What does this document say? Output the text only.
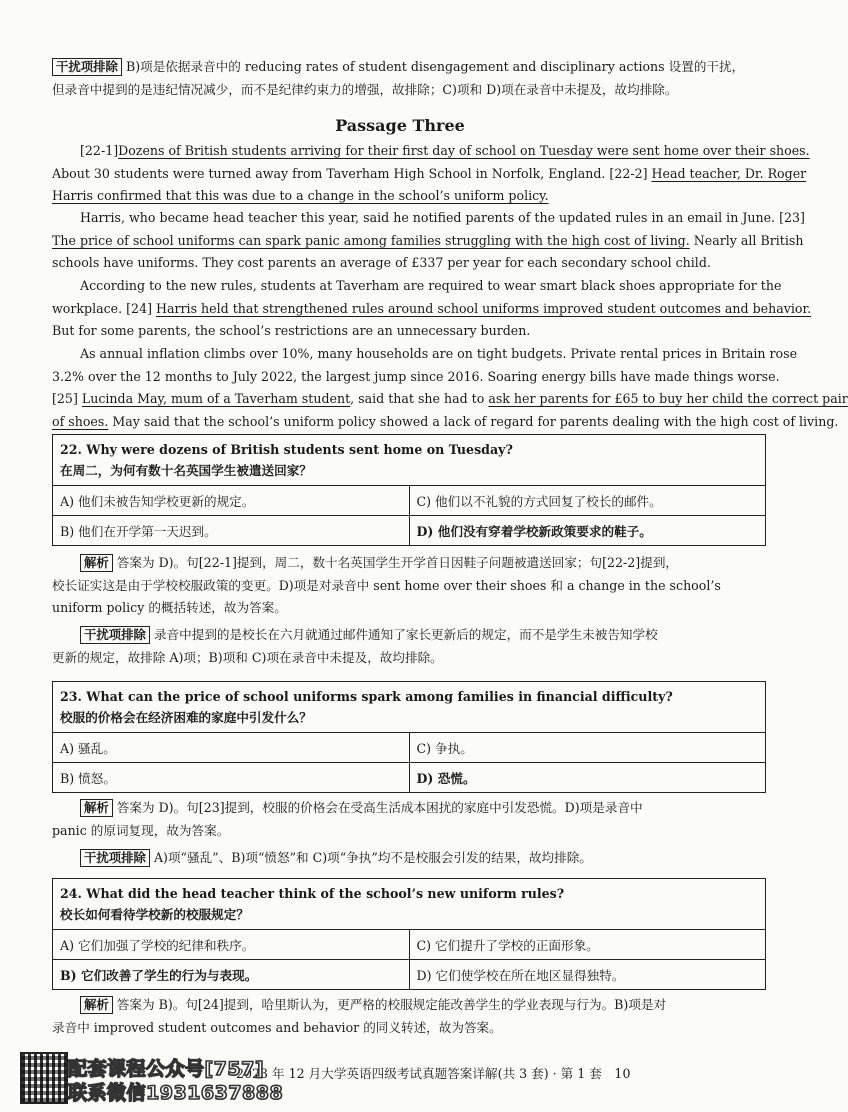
干扰项排除 B)项是依据录音中的 reducing rates of student disengagement and disciplinary actions 设置的干扰，
但录音中提到的是违纪情况减少，而不是纪律约束力的增强，故排除；C)项和 D)项在录音中未提及，故均排除。
Passage Three
[22-1]Dozens of British students arriving for their first day of school on Tuesday were sent home over their shoes.
About 30 students were turned away from Taverham High School in Norfolk, England. [22-2] Head teacher, Dr. Roger
Harris confirmed that this was due to a change in the school’s uniform policy.
Harris, who became head teacher this year, said he notified parents of the updated rules in an email in June. [23]
The price of school uniforms can spark panic among families struggling with the high cost of living. Nearly all British
schools have uniforms. They cost parents an average of £337 per year for each secondary school child.
According to the new rules, students at Taverham are required to wear smart black shoes appropriate for the
workplace. [24] Harris held that strengthened rules around school uniforms improved student outcomes and behavior.
But for some parents, the school’s restrictions are an unnecessary burden.
As annual inflation climbs over 10%, many households are on tight budgets. Private rental prices in Britain rose
3.2% over the 12 months to July 2022, the largest jump since 2016. Soaring energy bills have made things worse.
[25] Lucinda May, mum of a Taverham student, said that she had to ask her parents for £65 to buy her child the correct pair
of shoes. May said that the school’s uniform policy showed a lack of regard for parents dealing with the high cost of living.
22. Why were dozens of British students sent home on Tuesday?
在周二，为何有数十名英国学生被遣送回家？	

A) 他们未被告知学校更新的规定。	C) 他们以不礼貌的方式回复了校长的邮件。
B) 他们在开学第一天迟到。	D) 他们没有穿着学校新政策要求的鞋子。
解析 答案为 D)。句[22-1]提到，周二，数十名英国学生开学首日因鞋子问题被遣送回家；句[22-2]提到，
校长证实这是由于学校校服政策的变更。D)项是对录音中 sent home over their shoes 和 a change in the school’s
uniform policy 的概括转述，故为答案。
干扰项排除 录音中提到的是校长在六月就通过邮件通知了家长更新后的规定，而不是学生未被告知学校
更新的规定，故排除 A)项；B)项和 C)项在录音中未提及，故均排除。
23. What can the price of school uniforms spark among families in financial difficulty?
校服的价格会在经济困难的家庭中引发什么？	

A) 骚乱。	C) 争执。
B) 愤怒。	D) 恐慌。
解析 答案为 D)。句[23]提到，校服的价格会在受高生活成本困扰的家庭中引发恐慌。D)项是录音中
panic 的原词复现，故为答案。
干扰项排除 A)项“骚乱”、B)项“愤怒”和 C)项“争执”均不是校服会引发的结果，故均排除。
24. What did the head teacher think of the school’s new uniform rules?
校长如何看待学校新的校服规定？	

A) 它们加强了学校的纪律和秩序。	C) 它们提升了学校的正面形象。
B) 它们改善了学生的行为与表现。	D) 它们使学校在所在地区显得独特。
解析 答案为 B)。句[24]提到，哈里斯认为，更严格的校服规定能改善学生的学业表现与行为。B)项是对
录音中 improved student outcomes and behavior 的同义转述，故为答案。
2023 年 12 月大学英语四级考试真题答案详解(共 3 套) · 第 1 套　10
配套课程公众号[757]
联系微信1931637888
